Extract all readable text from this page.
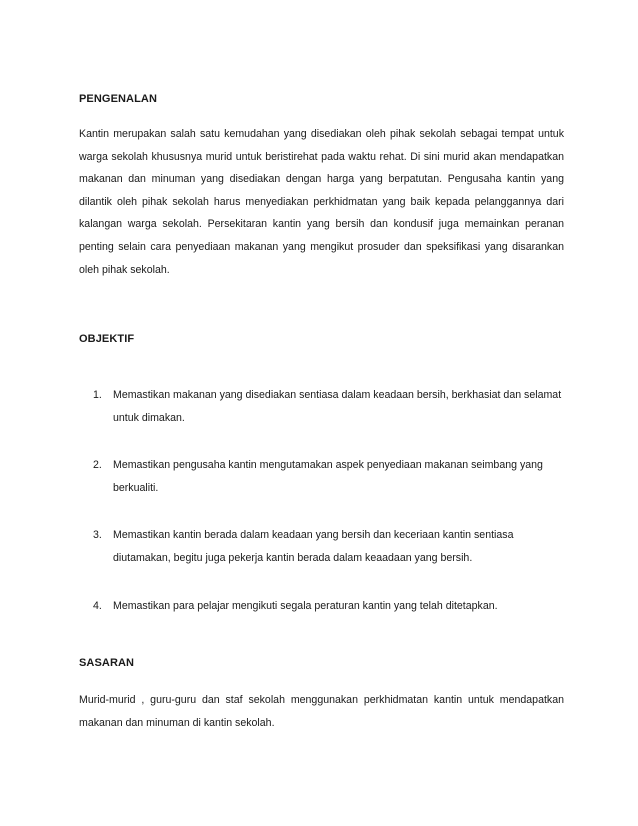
PENGENALAN

Kantin merupakan salah satu kemudahan yang disediakan oleh pihak sekolah sebagai tempat untuk warga sekolah khususnya murid untuk beristirehat pada waktu rehat. Di sini murid akan mendapatkan makanan dan minuman yang disediakan dengan harga yang berpatutan. Pengusaha kantin yang dilantik oleh pihak sekolah harus menyediakan perkhidmatan yang baik kepada pelanggannya dari kalangan warga sekolah. Persekitaran kantin yang bersih dan kondusif juga memainkan peranan penting selain cara penyediaan makanan yang mengikut prosuder dan speksifikasi yang disarankan oleh pihak sekolah.

OBJEKTIF
1. Memastikan makanan yang disediakan sentiasa dalam keadaan bersih, berkhasiat dan selamat untuk dimakan.
2. Memastikan pengusaha kantin mengutamakan aspek penyediaan makanan seimbang yang berkualiti.
3. Memastikan kantin berada dalam keadaan yang bersih dan keceriaan kantin sentiasa diutamakan, begitu juga pekerja kantin berada dalam keaadaan yang bersih.
4. Memastikan para pelajar mengikuti segala peraturan kantin yang telah ditetapkan.
SASARAN

Murid-murid , guru-guru dan staf sekolah menggunakan perkhidmatan kantin untuk mendapatkan makanan dan minuman di kantin sekolah.
